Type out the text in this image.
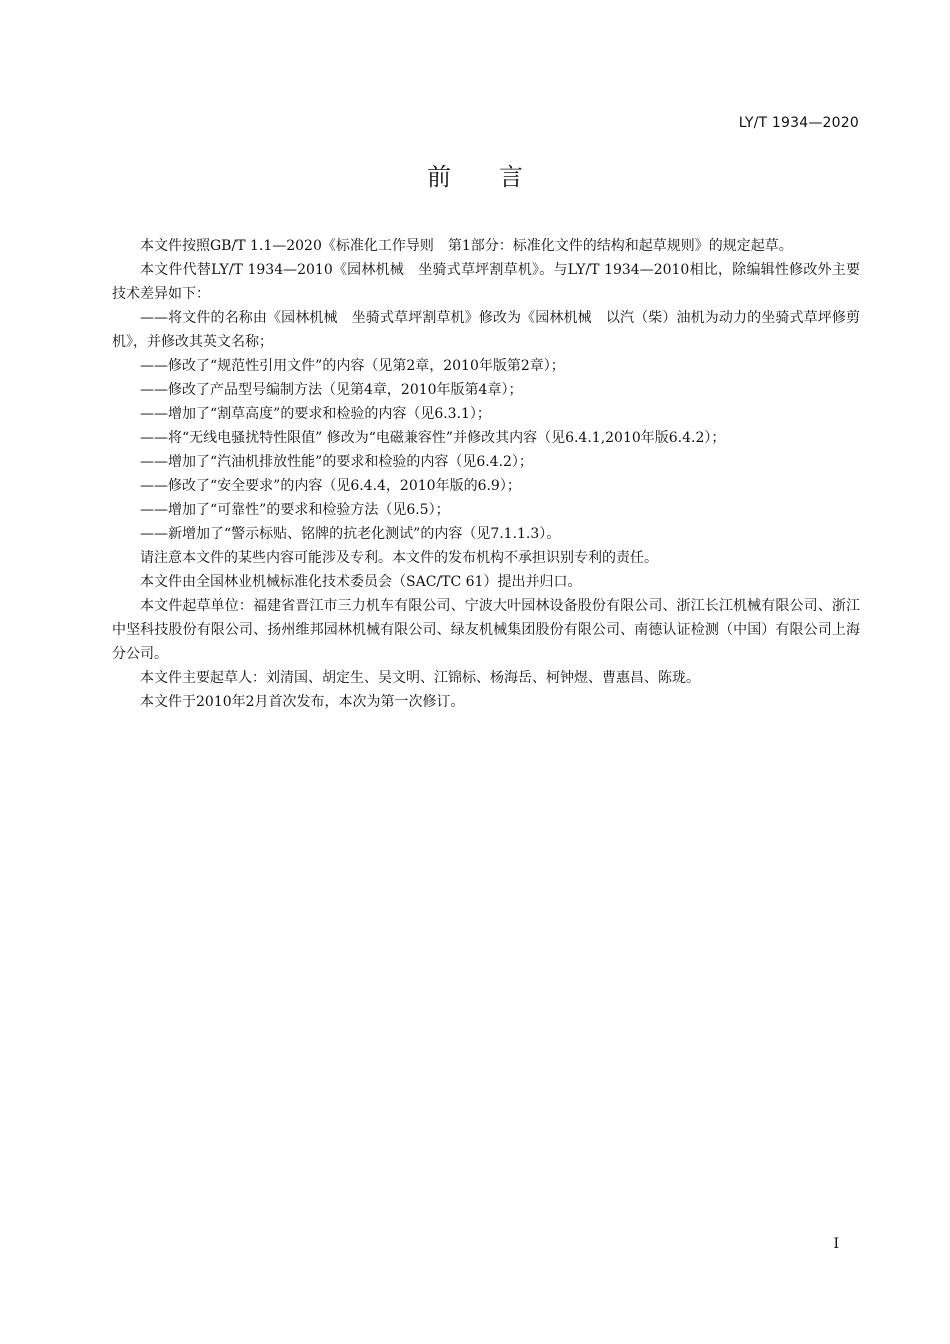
LY/T 1934—2020
前言

本文件按照GB/T 1.1—2020《标准化工作导则　第1部分：标准化文件的结构和起草规则》的规定起草。

本文件代替LY/T 1934—2010《园林机械　坐骑式草坪割草机》。与LY/T 1934—2010相比，除编辑性修改外主要技术差异如下：

——将文件的名称由《园林机械　坐骑式草坪割草机》修改为《园林机械　以汽（柴）油机为动力的坐骑式草坪修剪机》，并修改其英文名称；

——修改了“规范性引用文件”的内容（见第2章，2010年版第2章）；

——修改了产品型号编制方法（见第4章，2010年版第4章）；

——增加了“割草高度”的要求和检验的内容（见6.3.1）；

——将“无线电骚扰特性限值” 修改为“电磁兼容性”并修改其内容（见6.4.1,2010年版6.4.2）；

——增加了“汽油机排放性能”的要求和检验的内容（见6.4.2）；

——修改了“安全要求”的内容（见6.4.4，2010年版的6.9）；

——增加了“可靠性”的要求和检验方法（见6.5）；

——新增加了“警示标贴、铭牌的抗老化测试”的内容（见7.1.1.3）。

请注意本文件的某些内容可能涉及专利。本文件的发布机构不承担识别专利的责任。

本文件由全国林业机械标准化技术委员会（SAC/TC 61）提出并归口。

本文件起草单位：福建省晋江市三力机车有限公司、宁波大叶园林设备股份有限公司、浙江长江机械有限公司、浙江中坚科技股份有限公司、扬州维邦园林机械有限公司、绿友机械集团股份有限公司、南德认证检测（中国）有限公司上海分公司。

本文件主要起草人：刘清国、胡定生、吴文明、江锦标、杨海岳、柯钟煜、曹惠昌、陈珑。

本文件于2010年2月首次发布，本次为第一次修订。

I
